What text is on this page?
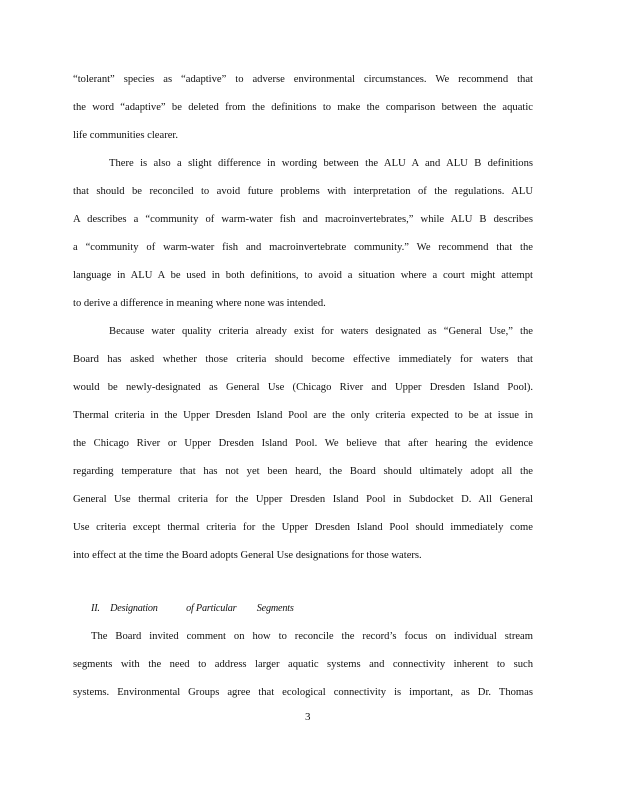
“tolerant” species as “adaptive” to adverse environmental circumstances. We recommend that
the word “adaptive” be deleted from the definitions to make the comparison between the aquatic
life communities clearer.
There is also a slight difference in wording between the ALU A and ALU B definitions
that should be reconciled to avoid future problems with interpretation of the regulations. ALU
A describes a “community of warm-water fish and macroinvertebrates,” while ALU B describes
a “community of warm-water fish and macroinvertebrate community.” We recommend that the
language in ALU A be used in both definitions, to avoid a situation where a court might attempt
to derive a difference in meaning where none was intended.
Because water quality criteria already exist for waters designated as “General Use,” the
Board has asked whether those criteria should become effective immediately for waters that
would be newly-designated as General Use (Chicago River and Upper Dresden Island Pool).
Thermal criteria in the Upper Dresden Island Pool are the only criteria expected to be at issue in
the Chicago River or Upper Dresden Island Pool. We believe that after hearing the evidence
regarding temperature that has not yet been heard, the Board should ultimately adopt all the
General Use thermal criteria for the Upper Dresden Island Pool in Subdocket D. All General
Use criteria except thermal criteria for the Upper Dresden Island Pool should immediately come
into effect at the time the Board adopts General Use designations for those waters.
II. Designation	of Particular Segments
The Board invited comment on how to reconcile the record’s focus on individual stream
segments with the need to address larger aquatic systems and connectivity inherent to such
systems. Environmental Groups agree that ecological connectivity is important, as Dr. Thomas
3
